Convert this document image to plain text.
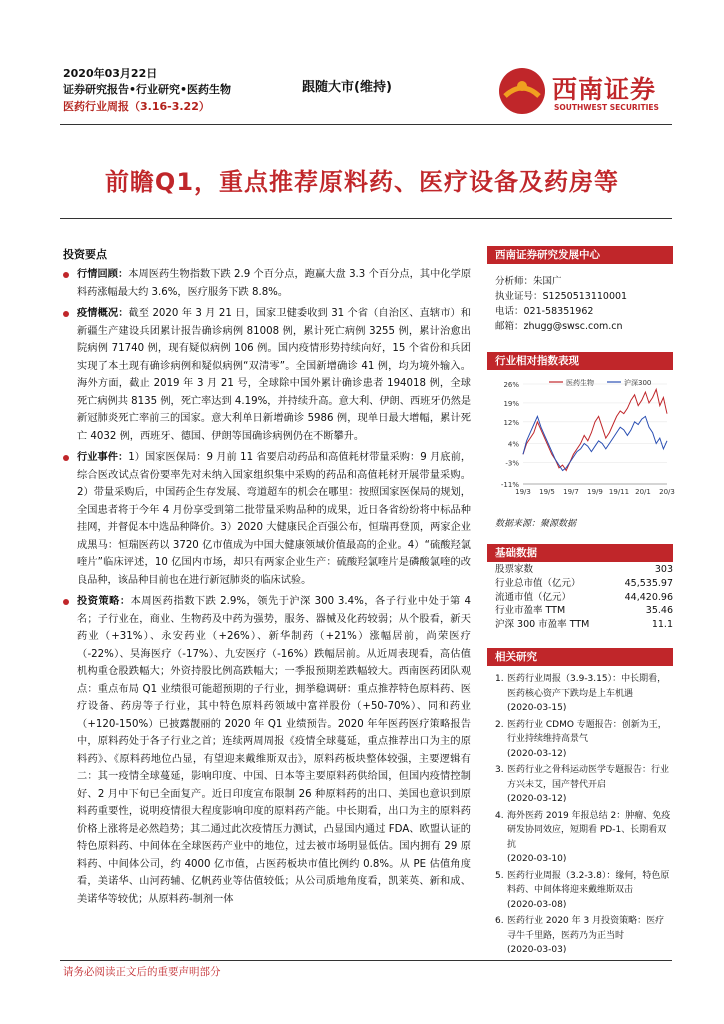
2020年03月22日
证券研究报告•行业研究•医药生物
医药行业周报（3.16-3.22）
跟随大市(维持)	西南证券
SOUTHWEST SECURITIES
前瞻Q1，重点推荐原料药、医疗设备及药房等
投资要点
行情回顾：本周医药生物指数下跌 2.9 个百分点，跑赢大盘 3.3 个百分点，其中化学原料药涨幅最大约 3.6%，医疗服务下跌 8.8%。
疫情概况：截至 2020 年 3 月 21 日，国家卫健委收到 31 个省（自治区、直辖市）和新疆生产建设兵团累计报告确诊病例 81008 例，累计死亡病例 3255 例，累计治愈出院病例 71740 例，现有疑似病例 106 例。国内疫情形势持续向好，15 个省份和兵团实现了本土现有确诊病例和疑似病例“双清零”。全国新增确诊 41 例，均为境外输入。海外方面，截止 2019 年 3 月 21 号，全球除中国外累计确诊患者 194018 例，全球死亡病例共 8135 例，死亡率达到 4.19%，并持续升高。意大利、伊朗、西班牙仍然是新冠肺炎死亡率前三的国家。意大利单日新增确诊 5986 例，现单日最大增幅，累计死亡 4032 例，西班牙、德国、伊朗等国确诊病例仍在不断攀升。
行业事件：1）国家医保局：9 月前 11 省要启动药品和高值耗材带量采购：9 月底前，综合医改试点省份要率先对未纳入国家组织集中采购的药品和高值耗材开展带量采购。2）带量采购后，中国药企生存发展、弯道超车的机会在哪里：按照国家医保局的规划，全国患者将于今年 4 月份享受到第二批带量采购品种的成果，近日各省纷纷将中标品种挂网，并督促本中选品种降价。3）2020 大健康民企百强公布，恒瑞再登顶，两家企业成黑马：恒瑞医药以 3720 亿市值成为中国大健康领域价值最高的企业。4）“硫酸羟氯喹片”临床评述，10 亿国内市场，却只有两家企业生产：硫酸羟氯喹片是磷酸氯喹的改良品种，该品种目前也在进行新冠肺炎的临床试验。
投资策略：本周医药指数下跌 2.9%，领先于沪深 300 3.4%，各子行业中处于第 4 名；子行业在，商业、生物药及中药为强势，服务、器械及化药较弱；从个股看，新天药业（+31%）、永安药业（+26%）、新华制药（+21%）涨幅居前，尚荣医疗（-22%）、昊海医疗（-17%）、九安医疗（-16%）跌幅居前。从近周表现看，高估值机构重仓股跌幅大；外资持股比例高跌幅大；一季报预期差跌幅较大。西南医药团队观点：重点布局 Q1 业绩很可能超预期的子行业，拥挙稳调研：重点推荐特色原料药、医疗设备、药房等子行业，其中特色原料药领域中富祥股份（+50-70%）、同和药业（+120-150%）已披露靓丽的 2020 年 Q1 业绩预告。2020 年年医药医疗策略报告中，原料药处于各子行业之首；连续两周周报《疫情全球蔓延，重点推荐出口为主的原料药》、《原料药地位凸显，有望迎来戴维斯双击》，原料药板块整体较强，主要逻辑有二：其一疫情全球蔓延，影响印度、中国、日本等主要原料药供给国，但国内疫情控制好、2 月中下旬已全面复产。近日印度宣布限制 26 种原料药的出口、美国也意识到原料药重要性，说明疫情很大程度影响印度的原料药产能。中长期看，出口为主的原料药价格上涨将是必然趋势；其二通过此次疫情压力测试，凸显国内通过 FDA、欧盟认证的特色原料药、中间体在全球医药产业中的地位，过去被市场明显低估。国内拥有 29 原料药、中间体公司，约 4000 亿市值，占医药板块市值比例约 0.8%。从 PE 估值角度看，美诺华、山河药辅、亿帆药业等估值较低；从公司质地角度看，凯莱英、新和成、美诺华等较优；从原料药-制剂一体
西南证券研究发展中心
分析师：朱国广
执业证号：S1250513110001
电话：021-58351962
邮箱：zhugg@swsc.com.cn
行业相对指数表现
26%
19%
12%
4%
-3%
-11%
19/3 19/5 19/7 19/9 19/11 20/1 20/3
医药生物	沪深300
数据来源：聚源数据
基础数据
股票家数	303
行业总市值（亿元）	45,535.97
流通市值（亿元）	44,420.96
行业市盈率 TTM	35.46
沪深 300 市盈率 TTM	11.1
相关研究
1. 医药行业周报（3.9-3.15）：中长期看，医药核心资产下跌均是上车机遇
(2020-03-15)
2. 医药行业 CDMO 专题报告：创新为王，行业持续维持高景气
(2020-03-12)
3. 医药行业之骨科运动医学专题报告：行业方兴未艾，国产替代开启
(2020-03-12)
4. 海外医药 2019 年报总结 2：肿瘤、免疫研发协同效应，短期看 PD-1、长期看双抗
(2020-03-10)
5. 医药行业周报（3.2-3.8）：缘何，特色原料药、中间体将迎来戴维斯双击
(2020-03-08)
6. 医药行业 2020 年 3 月投资策略：医疗寻牛千里路，医药乃为正当时
(2020-03-03)
请务必阅读正文后的重要声明部分
